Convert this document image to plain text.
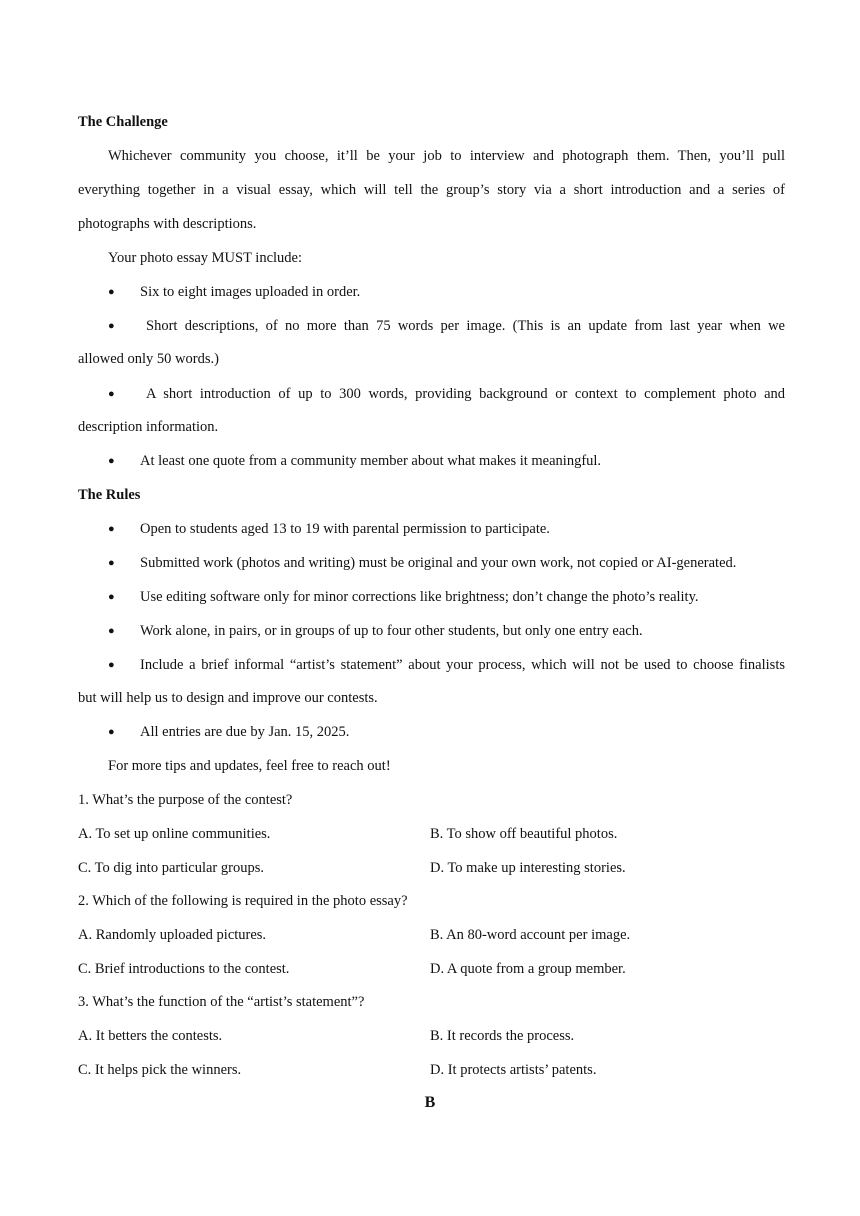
The Challenge
Whichever community you choose, it’ll be your job to interview and photograph them. Then, you’ll pull
everything together in a visual essay, which will tell the group’s story via a short introduction and a series of
photographs with descriptions.
Your photo essay MUST include:
●	Six to eight images uploaded in order.
●	Short descriptions, of no more than 75 words per image. (This is an update from last year when we
allowed only 50 words.)
●	A short introduction of up to 300 words, providing background or context to complement photo and
description information.
●	At least one quote from a community member about what makes it meaningful.
The Rules
●	Open to students aged 13 to 19 with parental permission to participate.
●	Submitted work (photos and writing) must be original and your own work, not copied or AI-generated.
●	Use editing software only for minor corrections like brightness; don’t change the photo’s reality.
●	Work alone, in pairs, or in groups of up to four other students, but only one entry each.
●	Include a brief informal “artist’s statement” about your process, which will not be used to choose finalists
but will help us to design and improve our contests.
●	All entries are due by Jan. 15, 2025.
For more tips and updates, feel free to reach out!
1. What’s the purpose of the contest?
A. To set up online communities.	B. To show off beautiful photos.
C. To dig into particular groups.	D. To make up interesting stories.
2. Which of the following is required in the photo essay?
A. Randomly uploaded pictures.	B. An 80-word account per image.
C. Brief introductions to the contest.	D. A quote from a group member.
3. What’s the function of the “artist’s statement”?
A. It betters the contests.	B. It records the process.
C. It helps pick the winners.	D. It protects artists’ patents.
B
